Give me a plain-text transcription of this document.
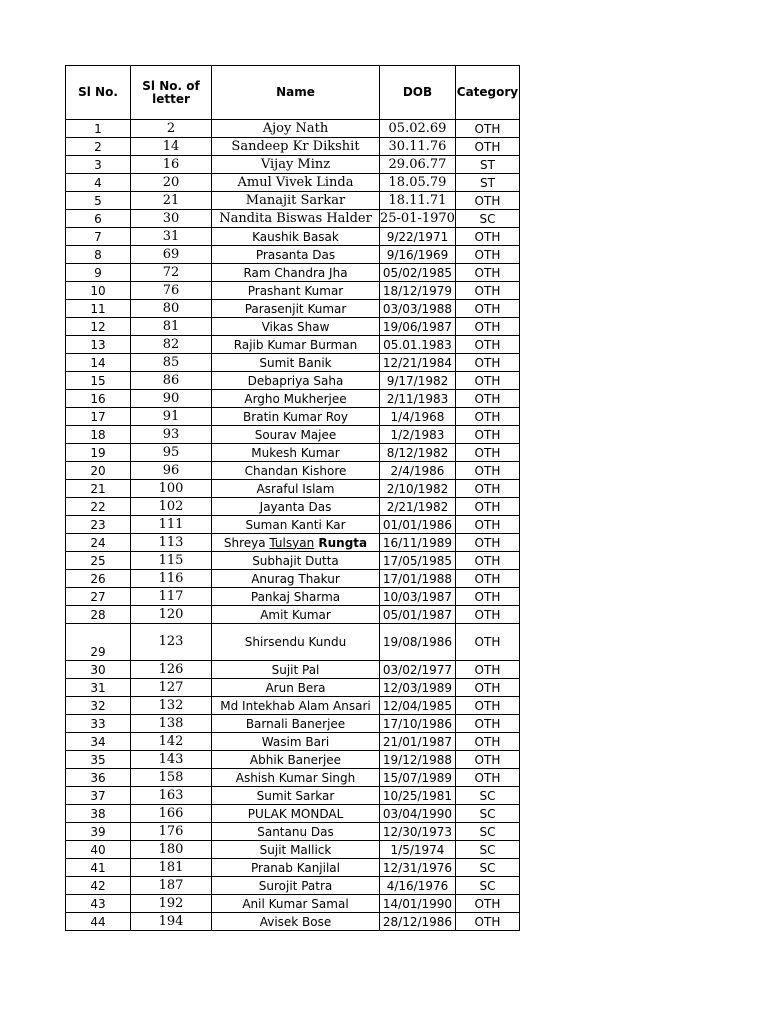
Sl No.	Sl No. of letter	Name	DOB	Category
1	2	Ajoy Nath	05.02.69	OTH
2	14	Sandeep Kr Dikshit	30.11.76	OTH
3	16	Vijay Minz	29.06.77	ST
4	20	Amul Vivek Linda	18.05.79	ST
5	21	Manajit Sarkar	18.11.71	OTH
6	30	Nandita Biswas Halder	25-01-1970	SC
7	31	Kaushik Basak	9/22/1971	OTH
8	69	Prasanta Das	9/16/1969	OTH
9	72	Ram Chandra Jha	05/02/1985	OTH
10	76	Prashant Kumar	18/12/1979	OTH
11	80	Parasenjit Kumar	03/03/1988	OTH
12	81	Vikas Shaw	19/06/1987	OTH
13	82	Rajib Kumar Burman	05.01.1983	OTH
14	85	Sumit Banik	12/21/1984	OTH
15	86	Debapriya Saha	9/17/1982	OTH
16	90	Argho Mukherjee	2/11/1983	OTH
17	91	Bratin Kumar Roy	1/4/1968	OTH
18	93	Sourav Majee	1/2/1983	OTH
19	95	Mukesh Kumar	8/12/1982	OTH
20	96	Chandan Kishore	2/4/1986	OTH
21	100	Asraful Islam	2/10/1982	OTH
22	102	Jayanta Das	2/21/1982	OTH
23	111	Suman Kanti Kar	01/01/1986	OTH
24	113	Shreya Tulsyan Rungta	16/11/1989	OTH
25	115	Subhajit Dutta	17/05/1985	OTH
26	116	Anurag Thakur	17/01/1988	OTH
27	117	Pankaj Sharma	10/03/1987	OTH
28	120	Amit Kumar	05/01/1987	OTH
29	123	Shirsendu Kundu	19/08/1986	OTH
30	126	Sujit Pal	03/02/1977	OTH
31	127	Arun Bera	12/03/1989	OTH
32	132	Md Intekhab Alam Ansari	12/04/1985	OTH
33	138	Barnali Banerjee	17/10/1986	OTH
34	142	Wasim Bari	21/01/1987	OTH
35	143	Abhik Banerjee	19/12/1988	OTH
36	158	Ashish Kumar Singh	15/07/1989	OTH
37	163	Sumit Sarkar	10/25/1981	SC
38	166	PULAK MONDAL	03/04/1990	SC
39	176	Santanu Das	12/30/1973	SC
40	180	Sujit Mallick	1/5/1974	SC
41	181	Pranab Kanjilal	12/31/1976	SC
42	187	Surojit Patra	4/16/1976	SC
43	192	Anil Kumar Samal	14/01/1990	OTH
44	194	Avisek Bose	28/12/1986	OTH
